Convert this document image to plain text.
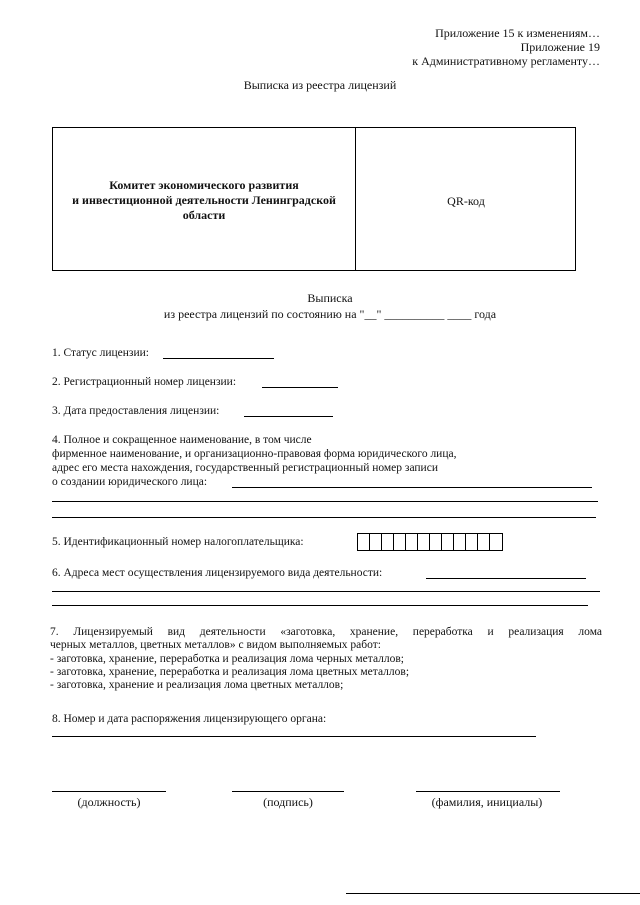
Приложение 15 к изменениям…
Приложение 19
к Административному регламенту…
Выписка из реестра лицензий
Комитет экономического развития
и инвестиционной деятельности Ленинградской
области
QR-код
Выписка
из реестра лицензий по состоянию на "__" __________ ____ года
1. Статус лицензии:
2. Регистрационный номер лицензии:
3. Дата предоставления лицензии:
4. Полное и сокращенное наименование, в том числе
фирменное наименование, и организационно-правовая форма юридического лица,
адрес его места нахождения, государственный регистрационный номер записи
о создании юридического лица:
5. Идентификационный номер налогоплательщика:
6. Адреса мест осуществления лицензируемого вида деятельности:
7. Лицензируемый вид деятельности «заготовка, хранение, переработка и реализация лома
черных металлов, цветных металлов» с видом выполняемых работ:
- заготовка, хранение, переработка и реализация лома черных металлов;
- заготовка, хранение, переработка и реализация лома цветных металлов;
- заготовка, хранение и реализация лома цветных металлов;
8. Номер и дата распоряжения лицензирующего органа:
(должность)	(подпись)	(фамилия, инициалы)
